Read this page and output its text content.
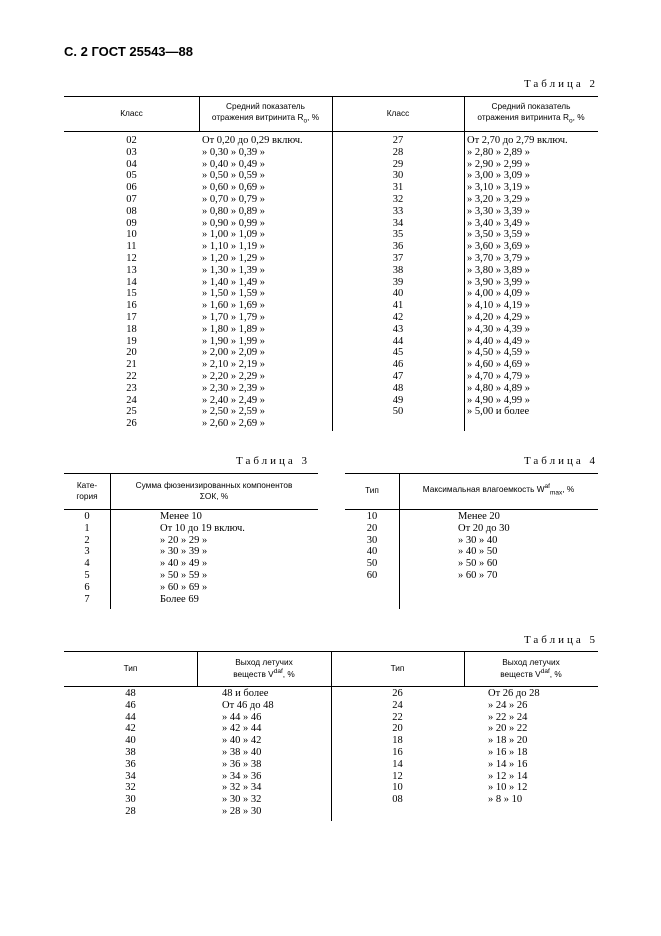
С. 2 ГОСТ 25543—88
Таблица 2
Класс
Средний показатель
отражения витринита $R_о$, %	Класс
Средний показатель
отражения витринита $R_о$, %
02
03
04
05
06
07
08
09
10
11
12
13
14
15
16
17
18
19
20
21
22
23
24
25
26
От 0,20 до 0,29 включ.
» 0,30 » 0,39 »
» 0,40 » 0,49 »
» 0,50 » 0,59 »
» 0,60 » 0,69 »
» 0,70 » 0,79 »
» 0,80 » 0,89 »
» 0,90 » 0,99 »
» 1,00 » 1,09 »
» 1,10 » 1,19 »
» 1,20 » 1,29 »
» 1,30 » 1,39 »
» 1,40 » 1,49 »
» 1,50 » 1,59 »
» 1,60 » 1,69 »
» 1,70 » 1,79 »
» 1,80 » 1,89 »
» 1,90 » 1,99 »
» 2,00 » 2,09 »
» 2,10 » 2,19 »
» 2,20 » 2,29 »
» 2,30 » 2,39 »
» 2,40 » 2,49 »
» 2,50 » 2,59 »
» 2,60 » 2,69 »
27
28
29
30
31
32
33
34
35
36
37
38
39
40
41
42
43
44
45
46
47
48
49
50
От 2,70 до 2,79 включ.
» 2,80 » 2,89 »
» 2,90 » 2,99 »
» 3,00 » 3,09 »
» 3,10 » 3,19 »
» 3,20 » 3,29 »
» 3,30 » 3,39 »
» 3,40 » 3,49 »
» 3,50 » 3,59 »
» 3,60 » 3,69 »
» 3,70 » 3,79 »
» 3,80 » 3,89 »
» 3,90 » 3,99 »
» 4,00 » 4,09 »
» 4,10 » 4,19 »
» 4,20 » 4,29 »
» 4,30 » 4,39 »
» 4,40 » 4,49 »
» 4,50 » 4,59 »
» 4,60 » 4,69 »
» 4,70 » 4,79 »
» 4,80 » 4,89 »
» 4,90 » 4,99 »
» 5,00 и более
Таблица 3
Кате-
гория
Сумма фюзенизированных компонентов
ΣОК, %
0
1
2
3
4
5
6
7
Менее 10
От 10 до 19 включ.
» 20 » 29 »
» 30 » 39 »
» 40 » 49 »
» 50 » 59 »
» 60 » 69 »
Более 69
Таблица 4
Тип	Максимальная влагоемкость $W^{af}_{max}$, %
10
20
30
40
50
60
Менее 20
От 20 до 30
» 30 » 40
» 40 » 50
» 50 » 60
» 60 » 70
Таблица 5
Тип
Выход летучих
веществ $V^{daf}$, %
Тип
Выход летучих
веществ $V^{daf}$, %
48
46
44
42
40
38
36
34
32
30
28
48 и более
От 46 до 48
» 44 » 46
» 42 » 44
» 40 » 42
» 38 » 40
» 36 » 38
» 34 » 36
» 32 » 34
» 30 » 32
» 28 » 30
26
24
22
20
18
16
14
12
10
08
От 26 до 28
» 24 » 26
» 22 » 24
» 20 » 22
» 18 » 20
» 16 » 18
» 14 » 16
» 12 » 14
» 10 » 12
» 8 » 10
